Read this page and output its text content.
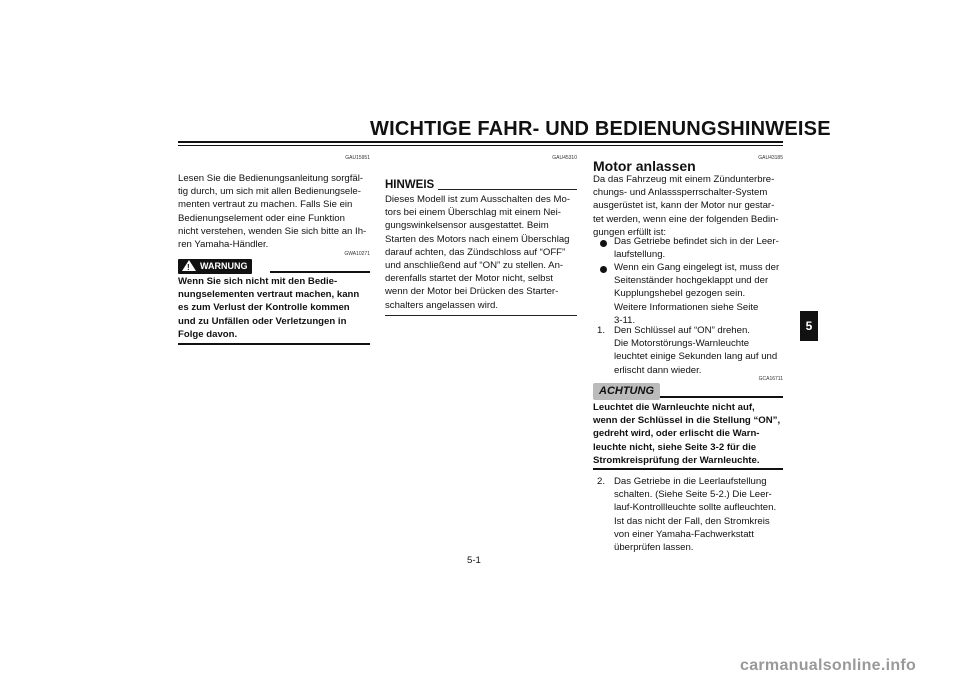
WICHTIGE FAHR- UND BEDIENUNGSHINWEISE
GAU15951
Lesen Sie die Bedienungsanleitung sorgfäl-
tig durch, um sich mit allen Bedienungsele-
menten vertraut zu machen. Falls Sie ein
Bedienungselement oder eine Funktion
nicht verstehen, wenden Sie sich bitte an Ih-
ren Yamaha-Händler.
GWA10271
!
WARNUNG
Wenn Sie sich nicht mit den Bedie-
nungselementen vertraut machen, kann
es zum Verlust der Kontrolle kommen
und zu Unfällen oder Verletzungen in
Folge davon.
GAU45310
HINWEIS
Dieses Modell ist zum Ausschalten des Mo-
tors bei einem Überschlag mit einem Nei-
gungswinkelsensor ausgestattet. Beim
Starten des Motors nach einem Überschlag
darauf achten, das Zündschloss auf “OFF”
und anschließend auf “ON” zu stellen. An-
derenfalls startet der Motor nicht, selbst
wenn der Motor bei Drücken des Starter-
schalters angelassen wird.
GAU43185
Motor anlassen
Da das Fahrzeug mit einem Zündunterbre-
chungs- und Anlasssperrschalter-System
ausgerüstet ist, kann der Motor nur gestar-
tet werden, wenn eine der folgenden Bedin-
gungen erfüllt ist:
Das Getriebe befindet sich in der Leer-
laufstellung.
Wenn ein Gang eingelegt ist, muss der
Seitenständer hochgeklappt und der
Kupplungshebel gezogen sein.
Weitere Informationen siehe Seite
3-11.
1. Den Schlüssel auf “ON” drehen.
Die Motorstörungs-Warnleuchte
leuchtet einige Sekunden lang auf und
erlischt dann wieder.
ACHTUNG
GCA16711
Leuchtet die Warnleuchte nicht auf,
wenn der Schlüssel in die Stellung “ON”,
gedreht wird, oder erlischt die Warn-
leuchte nicht, siehe Seite 3-2 für die
Stromkreisprüfung der Warnleuchte.
2. Das Getriebe in die Leerlaufstellung
schalten. (Siehe Seite 5-2.) Die Leer-
lauf-Kontrollleuchte sollte aufleuchten.
Ist das nicht der Fall, den Stromkreis
von einer Yamaha-Fachwerkstatt
überprüfen lassen.
5
5-1
carmanualsonline.info
